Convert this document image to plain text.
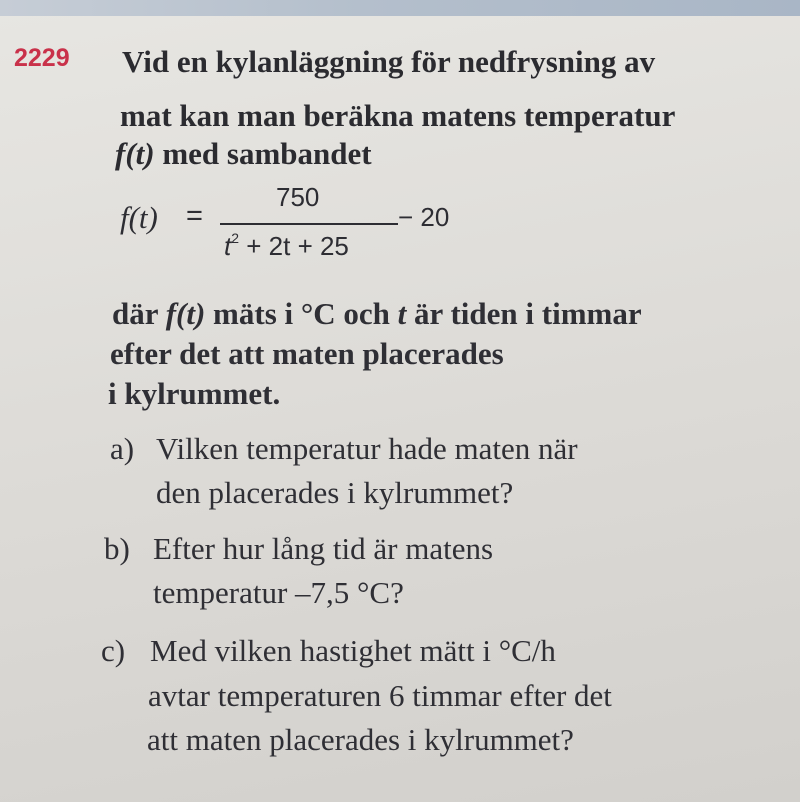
2229 Vid en kylanläggning för nedfrysning av
mat kan man beräkna matens temperatur
f(t) med sambandet
f(t) =
750
$t^2 + 2t + 25$
− 20
där f(t) mäts i °C och t är tiden i timmar
efter det att maten placerades
i kylrummet.
a) Vilken temperatur hade maten när
den placerades i kylrummet?
b) Efter hur lång tid är matens
temperatur –7,5 °C?
c) Med vilken hastighet mätt i °C/h
avtar temperaturen 6 timmar efter det
att maten placerades i kylrummet?
